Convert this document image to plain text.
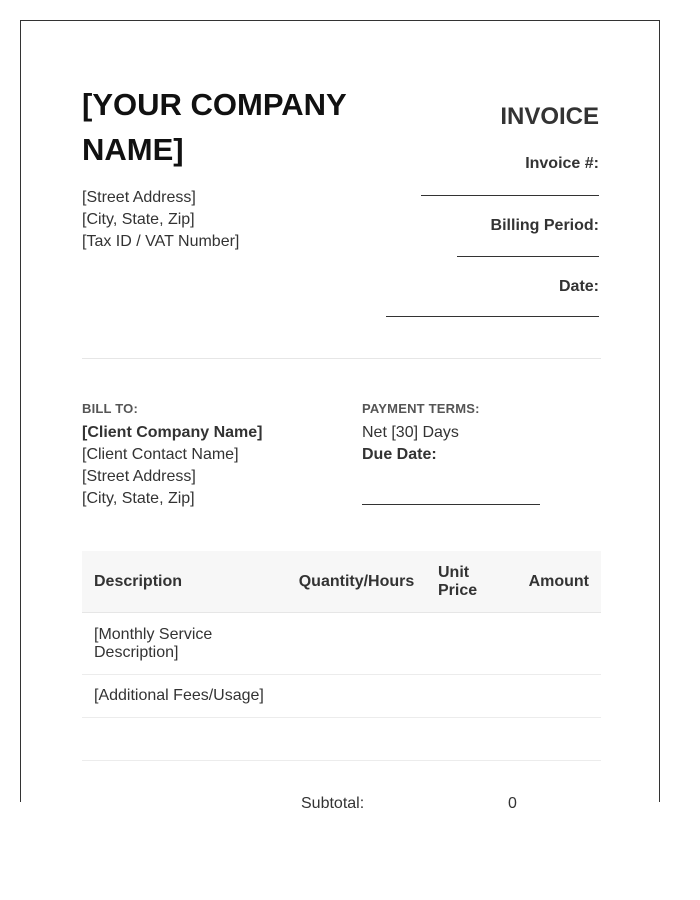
[YOUR COMPANY NAME]
[Street Address]
[City, State, Zip]
[Tax ID / VAT Number]
INVOICE
Invoice #:
Billing Period:
Date:
BILL TO:
[Client Company Name]
[Client Contact Name]
[Street Address]
[City, State, Zip]
PAYMENT TERMS:
Net [30] Days
Due Date:
Description	Quantity/Hours
Unit Price
Amount
[Monthly Service Description]
[Additional Fees/Usage]
Subtotal:	0
